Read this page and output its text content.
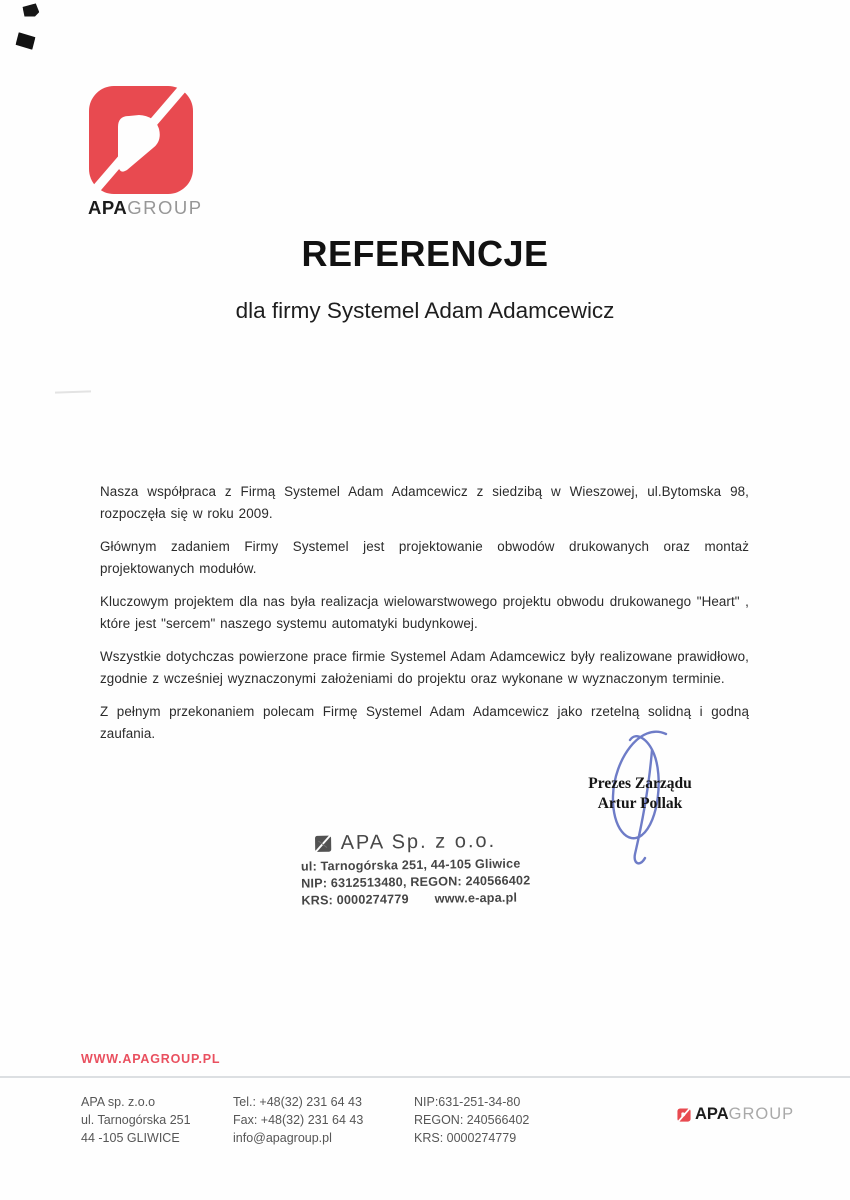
APAGROUP
REFERENCJE
dla firmy Systemel Adam Adamcewicz

Nasza współpraca z Firmą Systemel Adam Adamcewicz z siedzibą w Wieszowej, ul.Bytomska 98, rozpoczęła się w roku 2009.

Głównym zadaniem Firmy Systemel jest projektowanie obwodów drukowanych oraz montaż projektowanych modułów.

Kluczowym projektem dla nas była realizacja wielowarstwowego projektu obwodu drukowanego "Heart" , które jest "sercem" naszego systemu automatyki budynkowej.

Wszystkie dotychczas powierzone prace firmie Systemel Adam Adamcewicz były realizowane prawidłowo, zgodnie z wcześniej wyznaczonymi założeniami do projektu oraz wykonane w wyznaczonym terminie.

Z pełnym przekonaniem polecam Firmę Systemel Adam Adamcewicz jako rzetelną solidną i godną zaufania.

Prezes Zarządu
Artur Pollak
APA Sp. z o.o.
ul: Tarnogórska 251, 44-105 Gliwice
NIP: 6312513480, REGON: 240566402
KRS: 0000274779 www.e-apa.pl
WWW.APAGROUP.PL
APA sp. z.o.o
ul. Tarnogórska 251
44 -105 GLIWICE
Tel.: +48(32) 231 64 43
Fax: +48(32) 231 64 43
info@apagroup.pl
NIP:631-251-34-80
REGON: 240566402
KRS: 0000274779
APA GROUP
